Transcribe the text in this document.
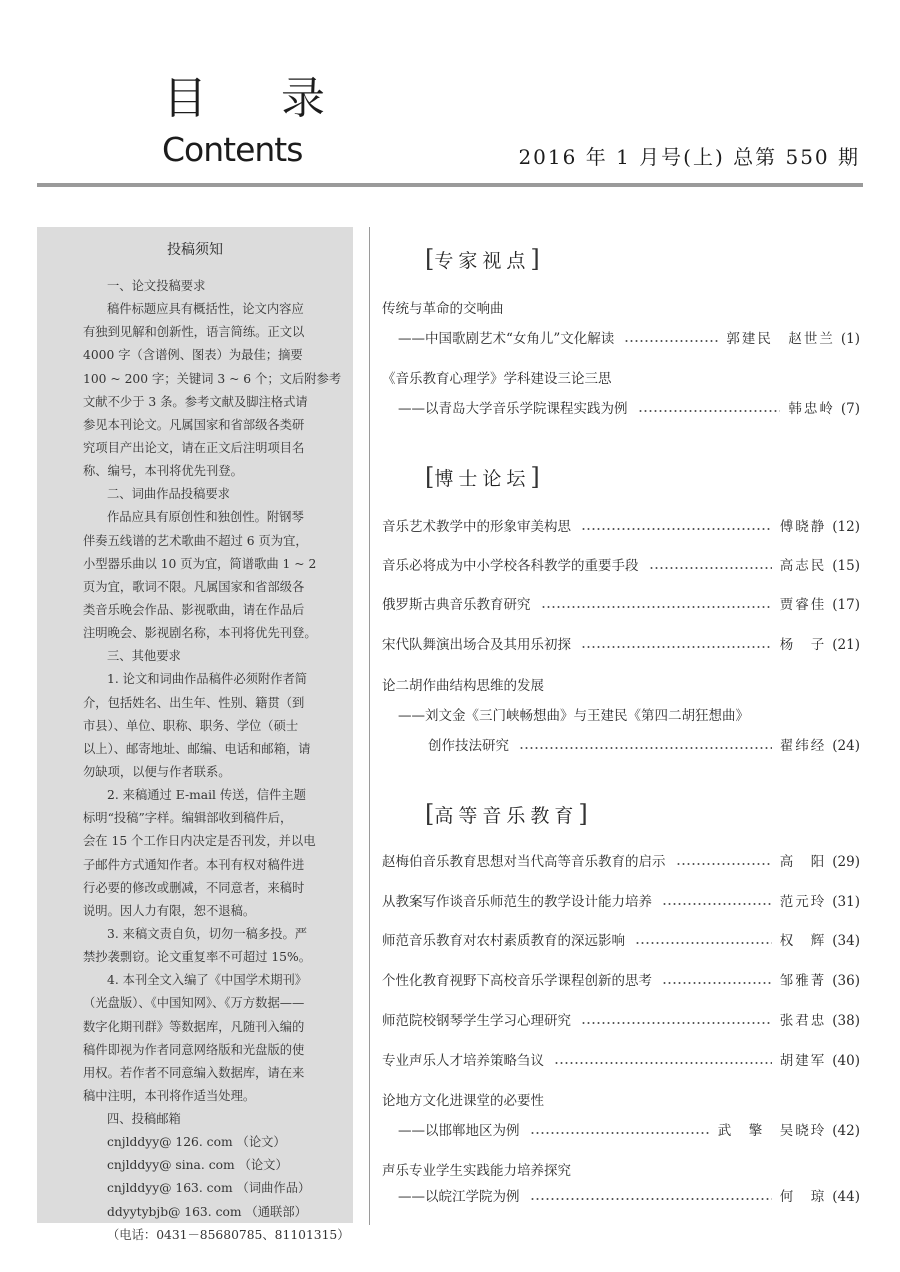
目 录
Contents	2016 年 1 月号(上) 总第 550 期
投稿须知
一、论文投稿要求
稿件标题应具有概括性，论文内容应
有独到见解和创新性，语言简练。正文以
4000 字（含谱例、图表）为最佳；摘要
100 ~ 200 字；关键词 3 ~ 6 个；文后附参考
文献不少于 3 条。参考文献及脚注格式请
参见本刊论文。凡属国家和省部级各类研
究项目产出论文，请在正文后注明项目名
称、编号，本刊将优先刊登。
二、词曲作品投稿要求
作品应具有原创性和独创性。附钢琴
伴奏五线谱的艺术歌曲不超过 6 页为宜，
小型器乐曲以 10 页为宜，简谱歌曲 1 ~ 2
页为宜，歌词不限。凡属国家和省部级各
类音乐晚会作品、影视歌曲，请在作品后
注明晚会、影视剧名称，本刊将优先刊登。
三、其他要求
1. 论文和词曲作品稿件必须附作者简
介，包括姓名、出生年、性别、籍贯（到
市县）、单位、职称、职务、学位（硕士
以上）、邮寄地址、邮编、电话和邮箱，请
勿缺项，以便与作者联系。
2. 来稿通过 E-mail 传送，信件主题
标明“投稿”字样。编辑部收到稿件后，
会在 15 个工作日内决定是否刊发，并以电
子邮件方式通知作者。本刊有权对稿件进
行必要的修改或删减，不同意者，来稿时
说明。因人力有限，恕不退稿。
3. 来稿文责自负，切勿一稿多投。严
禁抄袭剽窃。论文重复率不可超过 15%。
4. 本刊全文入编了《中国学术期刊》
（光盘版）、《中国知网》、《万方数据——
数字化期刊群》等数据库，凡随刊入编的
稿件即视为作者同意网络版和光盘版的使
用权。若作者不同意编入数据库，请在来
稿中注明，本刊将作适当处理。
四、投稿邮箱
cnjlddyy@ 126. com （论文）
cnjlddyy@ sina. com （论文）
cnjlddyy@ 163. com （词曲作品）
ddyytybjb@ 163. com （通联部）
（电话：0431－85680785、81101315）
[专家视点]
[博士论坛]
[高等音乐教育]
传统与革命的交响曲
——中国歌剧艺术“女角儿”文化解读	郭建民　赵世兰 (1)
《音乐教育心理学》学科建设三论三思
——以青岛大学音乐学院课程实践为例	韩忠岭 (7)
音乐艺术教学中的形象审美构思	傅晓静 (12)
音乐必将成为中小学校各科教学的重要手段	高志民 (15)
俄罗斯古典音乐教育研究	贾睿佳 (17)
宋代队舞演出场合及其用乐初探	杨　子 (21)
论二胡作曲结构思维的发展
——刘文金《三门峡畅想曲》与王建民《第四二胡狂想曲》
创作技法研究	翟纬经 (24)
赵梅伯音乐教育思想对当代高等音乐教育的启示	高　阳 (29)
从教案写作谈音乐师范生的教学设计能力培养	范元玲 (31)
师范音乐教育对农村素质教育的深远影响	权　辉 (34)
个性化教育视野下高校音乐学课程创新的思考	邹雅菁 (36)
师范院校钢琴学生学习心理研究	张君忠 (38)
专业声乐人才培养策略刍议	胡建军 (40)
论地方文化进课堂的必要性
——以邯郸地区为例	武　擎　吴晓玲 (42)
声乐专业学生实践能力培养探究
——以皖江学院为例	何　琼 (44)
